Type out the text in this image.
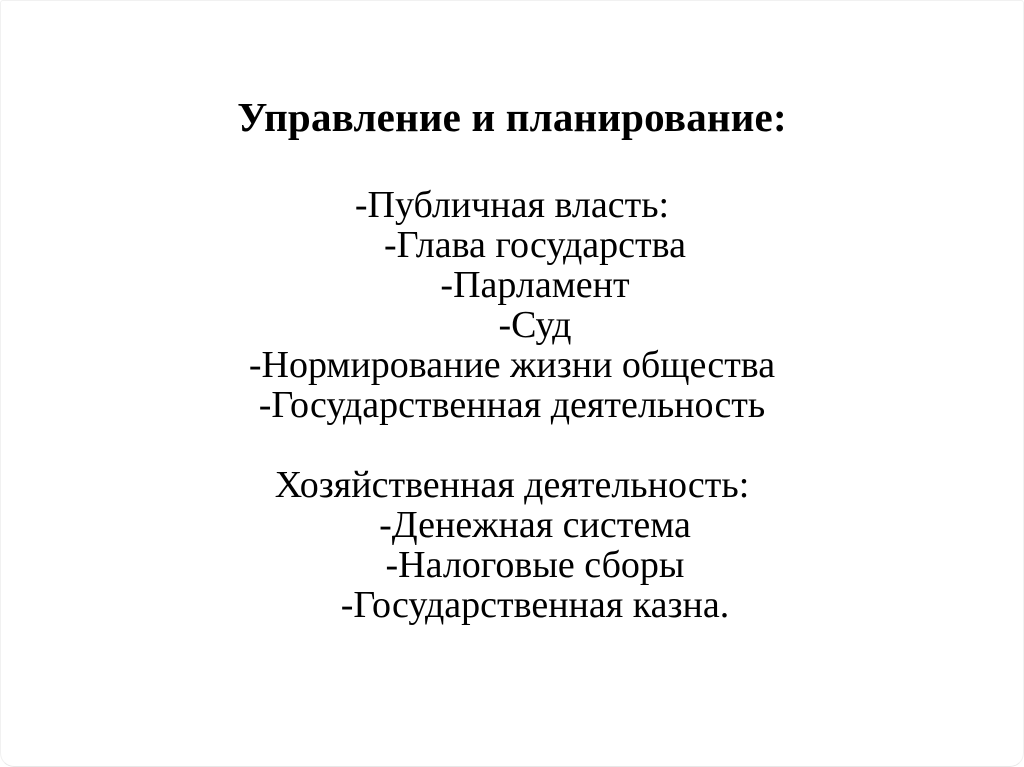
Управление и планирование:
-Публичная власть:
-Глава государства
-Парламент
-Суд
-Нормирование жизни общества
-Государственная деятельность
Хозяйственная деятельность:
-Денежная система
-Налоговые сборы
-Государственная казна.
